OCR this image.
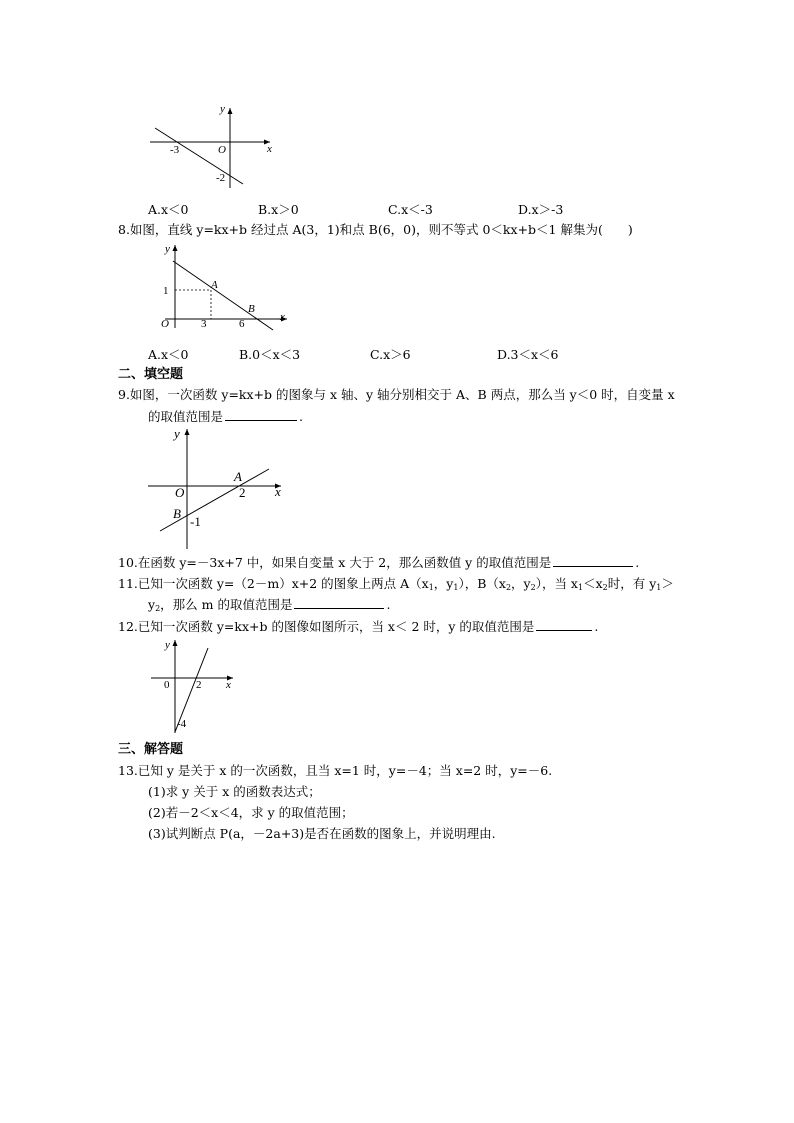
y
x
O
-3
-2
A.x＜0	B.x＞0	C.x＜-3	D.x＞-3
8.如图，直线 y=kx+b 经过点 A(3，1)和点 B(6，0)，则不等式 0＜kx+b＜1 解集为(　　)
y
x
O
1
3	6
A
B
A.x＜0	B.0＜x＜3	C.x＞6	D.3＜x＜6
二、填空题
9.如图，一次函数 y=kx+b 的图象与 x 轴、y 轴分别相交于 A、B 两点，那么当 y＜0 时，自变量 x
的取值范围是	.
y
x
O
A
2
B
-1
10.在函数 y=－3x+7 中，如果自变量 x 大于 2，那么函数值 y 的取值范围是	.
11.已知一次函数 y=（2－m）x+2 的图象上两点 $A(x_1$，$y_1$），$B(x_2$，$y_2$），当 $x_1<x_2$时，有 $y_1>$
$y_2$，那么 m 的取值范围是	.
12.已知一次函数 y=kx+b 的图像如图所示，当 x＜ 2 时，y 的取值范围是	.
y
x
0 2
-4
三、解答题
13.已知 y 是关于 x 的一次函数，且当 x=1 时，y=－4；当 x=2 时，y=－6.
(1)求 y 关于 x 的函数表达式；
(2)若－2＜x＜4，求 y 的取值范围；
(3)试判断点 P(a，－2a+3)是否在函数的图象上，并说明理由.
